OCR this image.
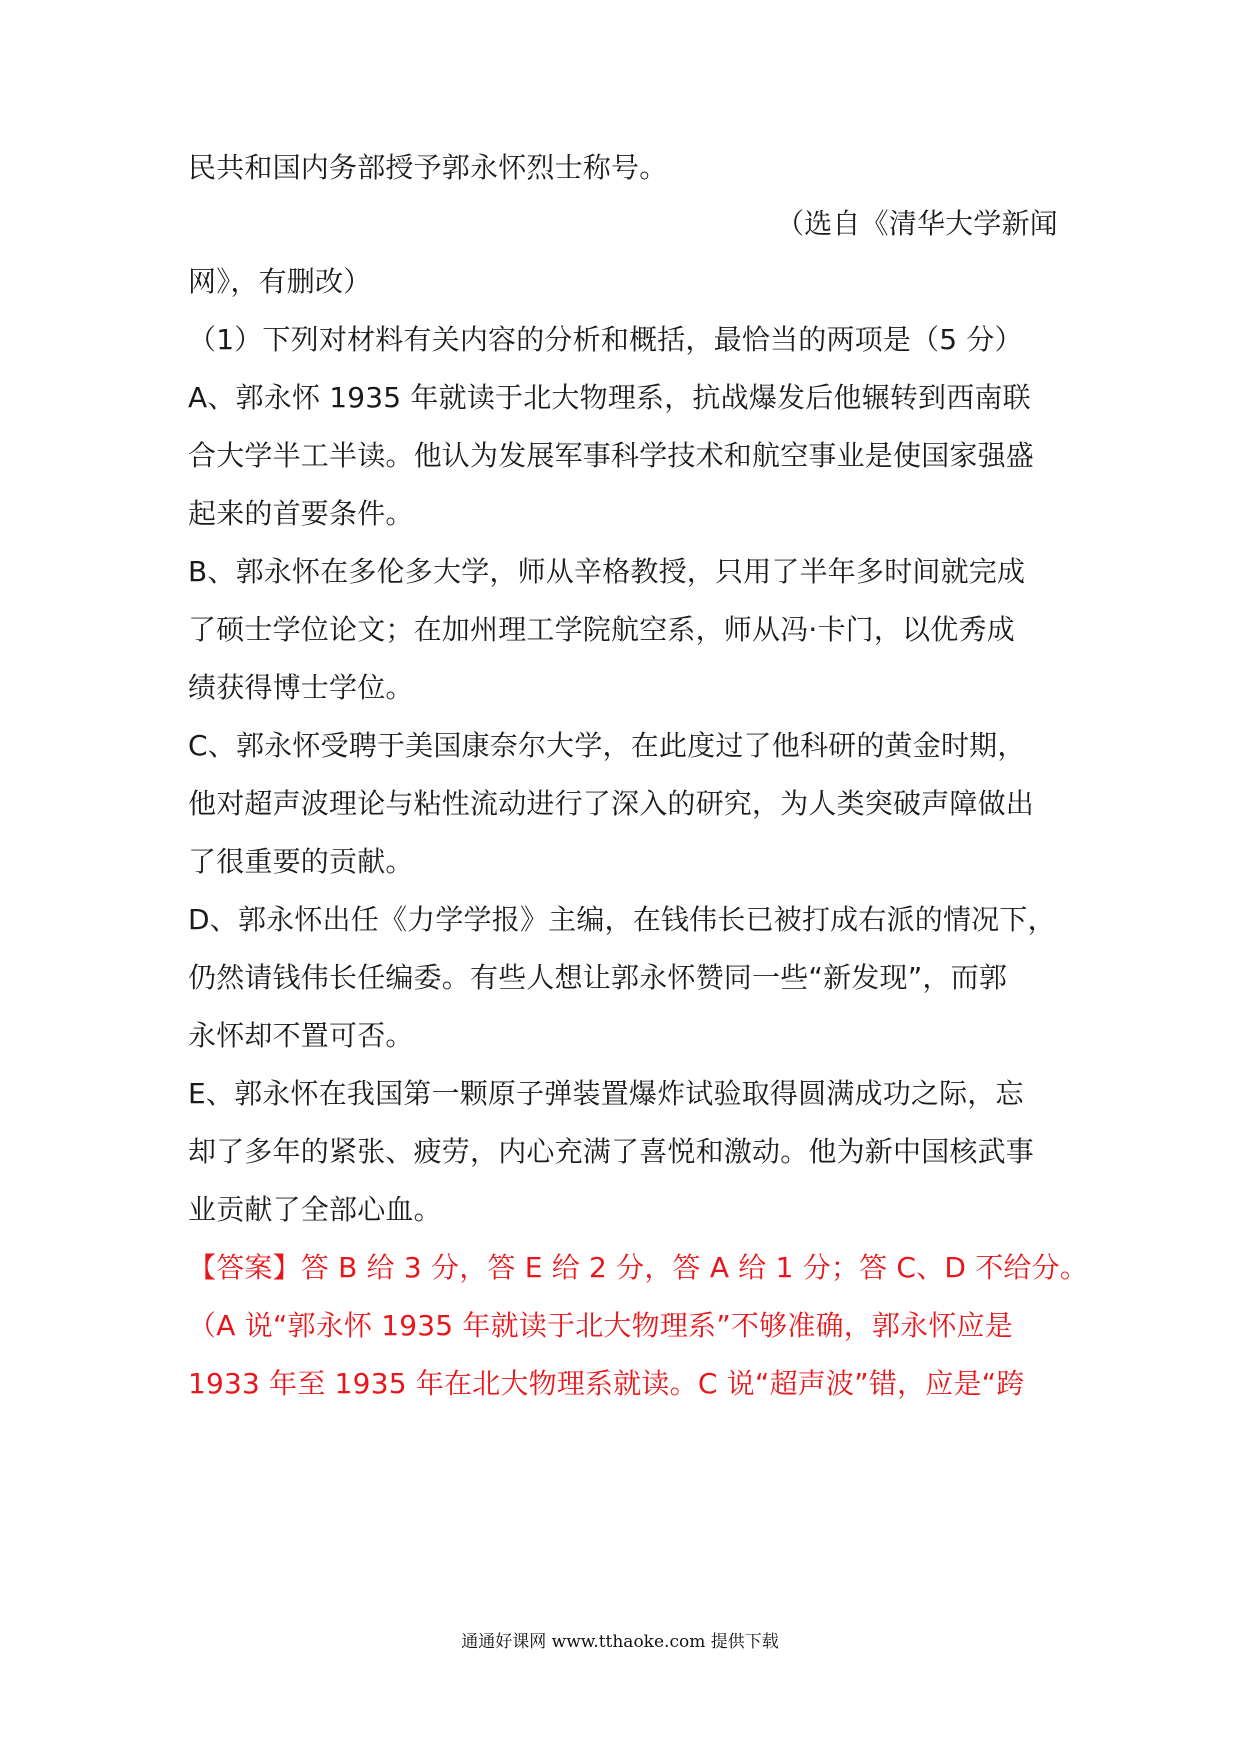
民共和国内务部授予郭永怀烈士称号。
（选自《清华大学新闻
网》，有删改）
（1）下列对材料有关内容的分析和概括，最恰当的两项是（5 分）
A、郭永怀 1935 年就读于北大物理系，抗战爆发后他辗转到西南联
合大学半工半读。他认为发展军事科学技术和航空事业是使国家强盛
起来的首要条件。
B、郭永怀在多伦多大学，师从辛格教授，只用了半年多时间就完成
了硕士学位论文；在加州理工学院航空系，师从冯·卡门，以优秀成
绩获得博士学位。
C、郭永怀受聘于美国康奈尔大学，在此度过了他科研的黄金时期，
他对超声波理论与粘性流动进行了深入的研究，为人类突破声障做出
了很重要的贡献。
D、郭永怀出任《力学学报》主编，在钱伟长已被打成右派的情况下，
仍然请钱伟长任编委。有些人想让郭永怀赞同一些“新发现”，而郭
永怀却不置可否。
E、郭永怀在我国第一颗原子弹装置爆炸试验取得圆满成功之际，忘
却了多年的紧张、疲劳，内心充满了喜悦和激动。他为新中国核武事
业贡献了全部心血。
【答案】答 B 给 3 分，答 E 给 2 分，答 A 给 1 分；答 C、D 不给分。
（A 说“郭永怀 1935 年就读于北大物理系”不够准确，郭永怀应是
1933 年至 1935 年在北大物理系就读。C 说“超声波”错，应是“跨
通通好课网 www.tthaoke.com 提供下载
